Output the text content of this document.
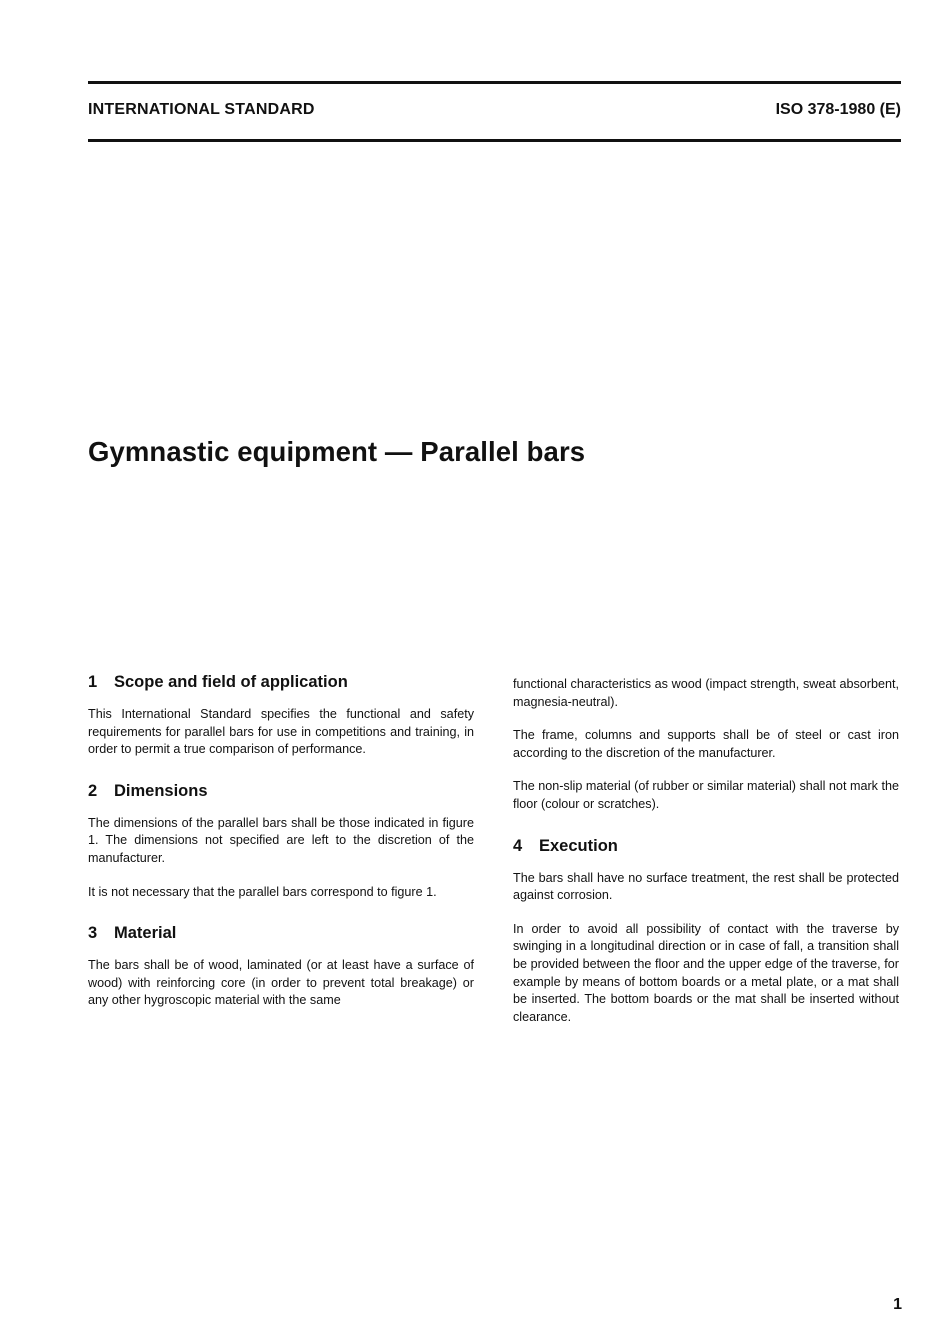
INTERNATIONAL STANDARD	ISO 378-1980 (E)
Gymnastic equipment — Parallel bars
1 Scope and field of application

This International Standard specifies the functional and safety requirements for parallel bars for use in competitions and training, in order to permit a true comparison of performance.

2 Dimensions

The dimensions of the parallel bars shall be those indicated in figure 1. The dimensions not specified are left to the discretion of the manufacturer.

It is not necessary that the parallel bars correspond to figure 1.

3 Material

The bars shall be of wood, laminated (or at least have a surface of wood) with reinforcing core (in order to prevent total breakage) or any other hygroscopic material with the same

functional characteristics as wood (impact strength, sweat absorbent, magnesia-neutral).

The frame, columns and supports shall be of steel or cast iron according to the discretion of the manufacturer.

The non-slip material (of rubber or similar material) shall not mark the floor (colour or scratches).

4 Execution

The bars shall have no surface treatment, the rest shall be protected against corrosion.

In order to avoid all possibility of contact with the traverse by swinging in a longitudinal direction or in case of fall, a transition shall be provided between the floor and the upper edge of the traverse, for example by means of bottom boards or a metal plate, or a mat shall be inserted. The bottom boards or the mat shall be inserted without clearance.

1
